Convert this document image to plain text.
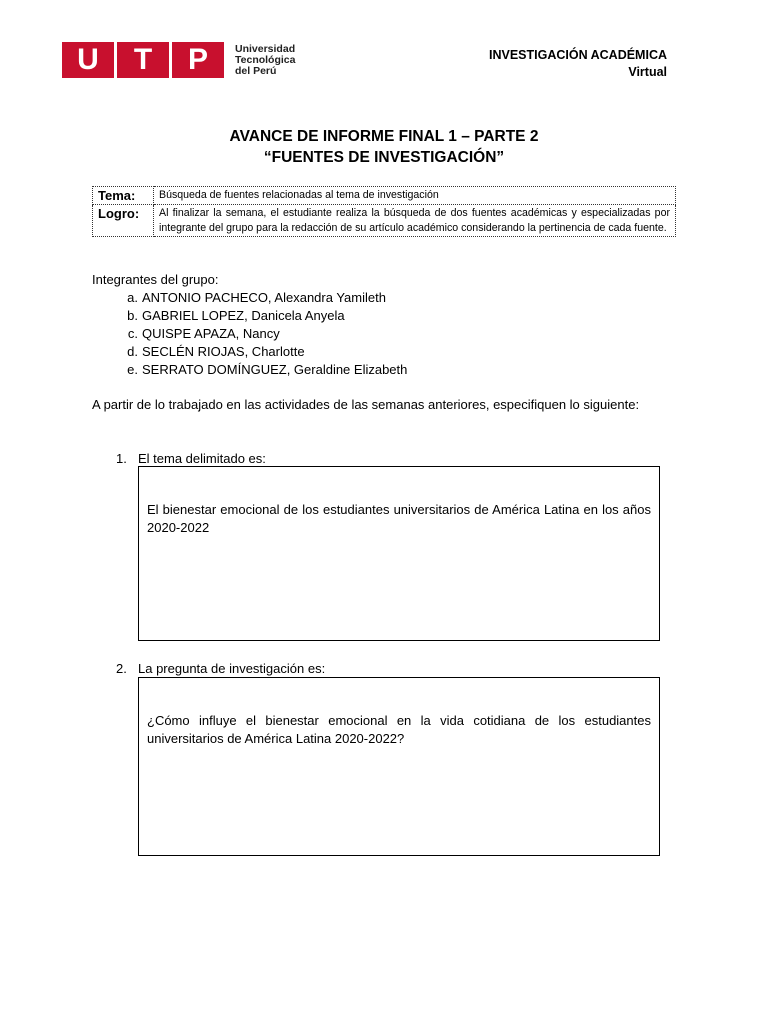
U	T	P	Universidad
Tecnológica
del Perú
INVESTIGACIÓN ACADÉMICA
Virtual
AVANCE DE INFORME FINAL 1 – PARTE 2
“FUENTES DE INVESTIGACIÓN”
Tema:	Búsqueda de fuentes relacionadas al tema de investigación
Logro:	Al finalizar la semana, el estudiante realiza la búsqueda de dos fuentes académicas y especializadas por integrante del grupo para la redacción de su artículo académico considerando la pertinencia de cada fuente.
Integrantes del grupo:
a. ANTONIO PACHECO, Alexandra Yamileth
b. GABRIEL LOPEZ, Danicela Anyela
c. QUISPE APAZA, Nancy
d. SECLÉN RIOJAS, Charlotte
e. SERRATO DOMÍNGUEZ, Geraldine Elizabeth
A partir de lo trabajado en las actividades de las semanas anteriores, especifiquen lo siguiente:
1. El tema delimitado es:
El bienestar emocional de los estudiantes universitarios de América Latina en los años 2020-2022
2. La pregunta de investigación es:
¿Cómo influye el bienestar emocional en la vida cotidiana de los estudiantes universitarios de América Latina 2020-2022?
